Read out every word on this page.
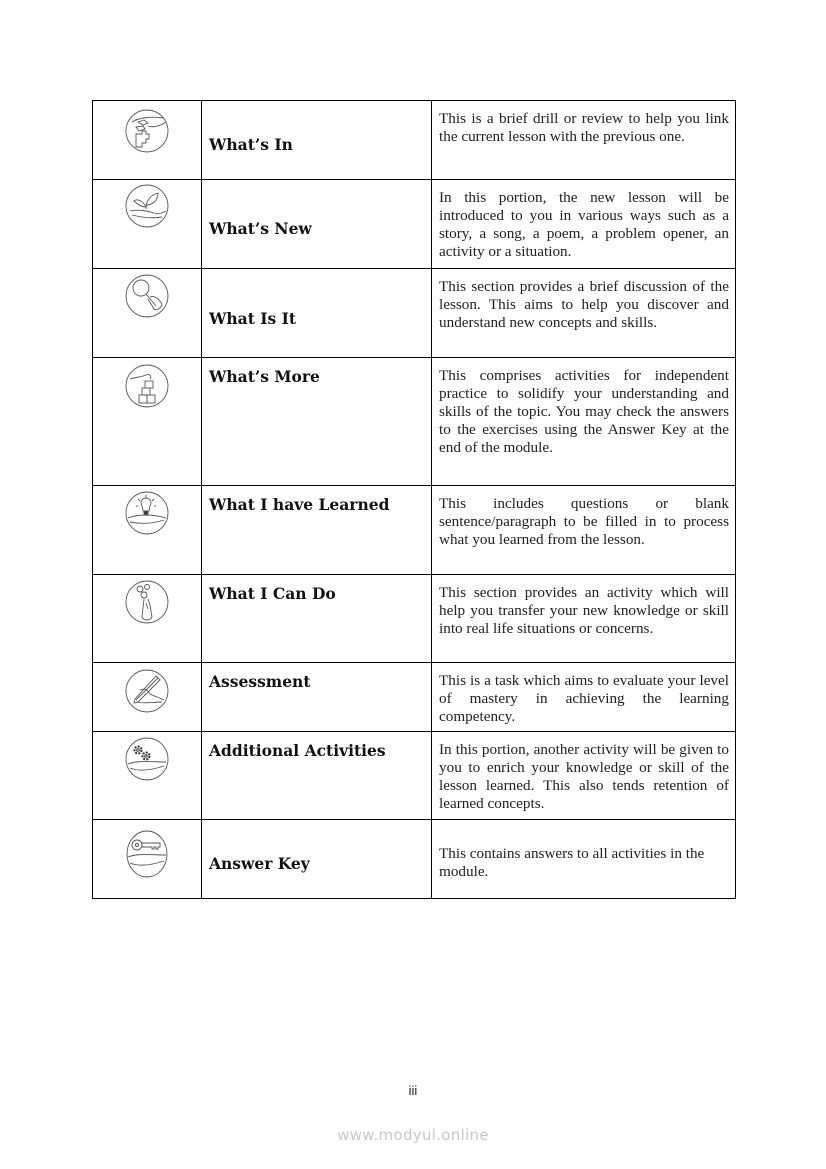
What’s In	This is a brief drill or review to help you link the current lesson with the previous one.

What’s New	In this portion, the new lesson will be introduced to you in various ways such as a story, a song, a poem, a problem opener, an activity or a situation.

What Is It	This section provides a brief discussion of the lesson. This aims to help you discover and understand new concepts and skills.

What’s More	This comprises activities for independent practice to solidify your understanding and skills of the topic. You may check the answers to the exercises using the Answer Key at the end of the module.

What I have Learned	This includes questions or blank sentence/paragraph to be filled in to process what you learned from the lesson.

What I Can Do	This section provides an activity which will help you transfer your new knowledge or skill into real life situations or concerns.

Assessment	This is a task which aims to evaluate your level of mastery in achieving the learning competency.

Additional Activities	In this portion, another activity will be given to you to enrich your knowledge or skill of the lesson learned. This also tends retention of learned concepts.

Answer Key	This contains answers to all activities in the module.
iii
www.modyul.online
